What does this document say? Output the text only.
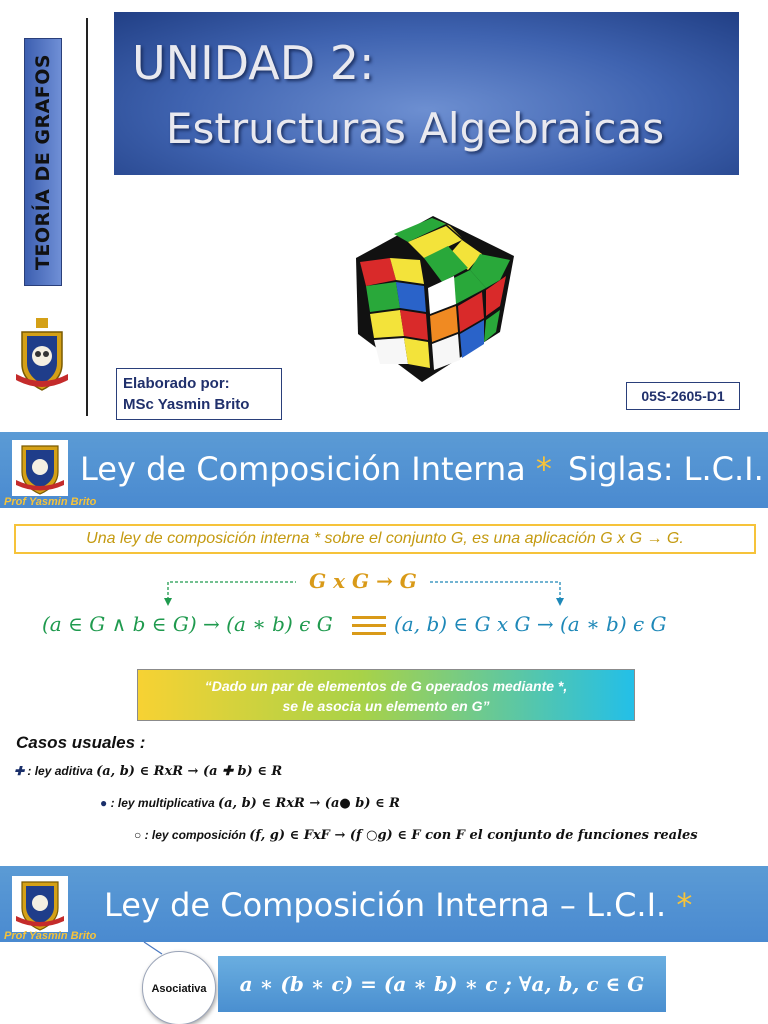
TEORÍA DE GRAFOS UNIDAD 2:
Estructuras Algebraicas
Elaborado por:
MSc Yasmin Brito	05S-2605-D1
Prof Yasmin Brito
Ley de Composición Interna * Siglas: L.C.I.
Una ley de composición interna * sobre el conjunto G, es una aplicación G x G → G.
G x G → G
(a ∈ G ∧ b ∈ G) → (a ∗ b) ϵ G	(a, b) ∈ G x G → (a ∗ b) ϵ G
“Dado un par de elementos de G operados mediante *,
se le asocia un elemento en G”
Casos usuales :
✚ : ley aditiva (a, b) ∈ RxR → (a ✚ b) ∈ R
● : ley multiplicativa (a, b) ∈ RxR → (a● b) ∈ R
○ : ley composición (f, g) ∈ FxF → (f ○g) ∈ F con F el conjunto de funciones reales
Prof Yasmin Brito
Ley de Composición Interna – L.C.I. *
Asociativa	a ∗ (b ∗ c) = (a ∗ b) ∗ c ; ∀a, b, c ∈ G
